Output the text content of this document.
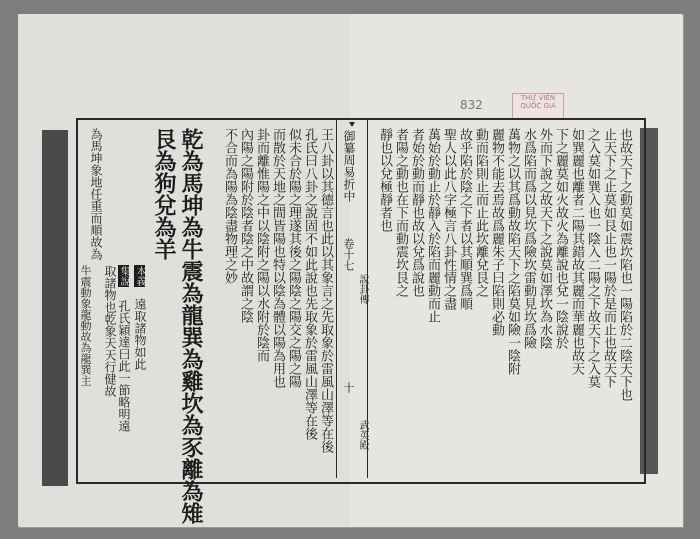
832	THƯ VIỆN QUỐC GIA
御纂周易折中
卷十七
說卦傳
十
武英殿
也故天下之動莫如震坎陷也一陽陷於二陰天下也
止天下之止莫如艮止也一陽於是而止也故天下
之入莫如巽入也一陰入二陽之下故天下之入莫
如巽麗也離者二陽其錯故其麗而華麗也故天
下之麗莫如火故火為離說也兌一陰說於
外而下說之故天下之說莫如澤坎為水陰
水爲陷而爲以見坎爲險坎雷動見坎爲險
萬物之以其爲動故陷天下之陷莫如險一陰附
麗物不能去焉故爲麗朱子曰陷則必動
動而陷則止而止此坎離兌艮之
故乎陷於陰之下者以其順巽爲順
聖人以此八字極言八卦性情之盡
萬始於動止於靜入於陷而麗動而止
者始於動而靜也故以兌爲說也
者陽之動也在下而動震坎艮之
靜也以兌極靜者也
王八卦以其德言也此以其象言之先取象於雷風山澤等在後
孔氏曰八卦之說固不如此說也先取象於雷風山澤等在後
似未合於陽之理遂其後之陽陰之陽交之陽之陽
而散於天地之間皆陽也特以陰為體以陽為用也
卦而離惟陽之中以陰附之陽以水附於陰而
內陽之陽附於陰者陰之中故謂之陰
不合而為陽為陰盡物理之妙
乾為馬坤為牛震為龍巽為雞坎為豕離為雉
艮為狗兌為羊
本義
遠取諸物如此
集說
孔氏穎達曰此一節略明遠
取諸物也乾象天天行健故
為馬坤象地任重而順故為
牛震動象龍動故為龍巽主
